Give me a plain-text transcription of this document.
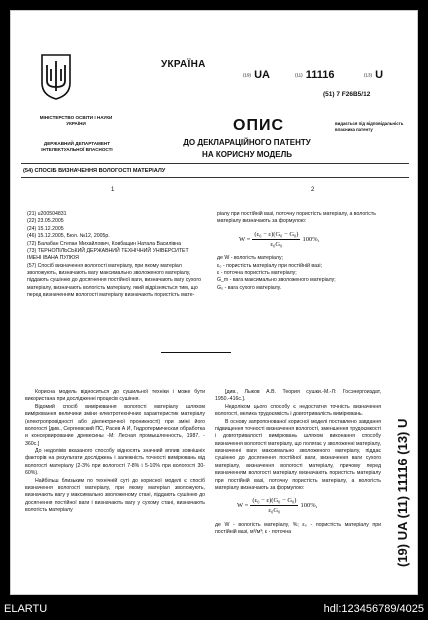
МІНІСТЕРСТВО ОСВІТИ І НАУКИ УКРАЇНИ
ДЕРЖАВНИЙ ДЕПАРТАМЕНТ ІНТЕЛЕКТУАЛЬНОЇ ВЛАСНОСТІ
УКРАЇНА
(19) UA	(11) 11116	(13) U
(51) 7 F26B5/12
ОПИС
ДО ДЕКЛАРАЦІЙНОГО ПАТЕНТУ
НА КОРИСНУ МОДЕЛЬ
видається під відповідальність власника патенту
(54) СПОСІБ ВИЗНАЧЕННЯ ВОЛОГОСТІ МАТЕРІАЛУ
1	2

(21) u200504831

(22) 23.05.2005

(24) 15.12.2005

(46) 15.12.2005, Бюл. №12, 2005р.

(72) Балабан Степан Михайлович, Ковбащин Натала Василівна

(73) ТЕРНОПІЛЬСЬКИЙ ДЕРЖАВНИЙ ТЕХНІЧНИЙ УНІВЕРСИТЕТ ІМЕНІ ІВАНА ПУЛЮЯ

(57) Спосіб визначення вологості матеріалу, при якому матеріал зволожують, визначають вагу максимально зволоженого матеріалу, піддають сушінню до досягнення постійної ваги, визначають вагу сухого матеріалу, визначають вологість матеріалу, який відрізняється тим, що перед визначенням вологості матеріалу визначають пористість мате-

ріалу при постійній вазі, поточну пористість матеріалу, а вологість матеріалу визначають за формулою:

$W = \frac{\text{(ε₀ − ε)(G₀ − G₀)}}{\text{ε₀G₀}} 100\%$,

де W - вологість матеріалу;

ε₀ - пористість матеріалу при постійній вазі;

ε - поточна пористість матеріалу;

G_m - вага максимально зволоженого матеріалу;

G₀ - вага сухого матеріалу.

Корисна модель відноситься до сушильної техніки і може бути використана при дослідженні процесів сушіння.

Відомий спосіб вимірювання вологості матеріалу шляхом вимірювання величини зміни електротехнічних характеристик матеріалу (електропровідності або діелектричної проникності) при зміні його вологості [див., Сергеевский ПС, Расев А И, Гидротермическая обработка и консервирование древесины -М: Лесная промышленность, 1987. - 360с.]

До недоліків вказаного способу відносять значний вплив зовнішніх факторів на результати досліджень і залежність точності вимірювань від вологості матеріалу (2-3% при вологості 7-8% і 5-10% при вологості 30-60%).

Найбільш близьким по технічній суті до корисної моделі є спосіб визначення вологості матеріалу, при якому матеріал зволожують, визначають вагу у максимально зволоженому стані, піддають сушінню до досягнення постійної ваги і визначають вагу у сухому стані, визначають вологість матеріалу

[див., Лыков А.В. Теория сушки.-М.-Л: Госэнергоиздат, 1950.-416с.].

Недоліком цього способу є недостатня точність визначення вологості, велика трудоємкість і довготривалість вимірювань.

В основу запропонованої корисної моделі поставлено завдання підвищення точності визначення вологості, зменшення трудоємкості і довготривалості вимірювань шляхом виконання способу визначення вологості матеріалу, що полягає у зволоженні матеріалу, визначенні ваги максимально зволоженого матеріалу, піддає сушінню до досягнення постійної ваги, визначення ваги сухого матеріалу, визначення вологості матеріалу, причому перед визначенням вологості матеріалу визначають пористість матеріалу при постійній вазі, поточну пористість матеріалу, а вологість матеріалу визначають за формулою:

$W = \frac{\text{(ε₀ − ε)(G₀ − G₀)}}{\text{ε₀G₀}} 100\%$,

де W - вологість матеріалу, %; ε₀ - пористість матеріалу при постійній вазі, м³/м³; ε - поточна	(19) UA (11) 11116 (13) U
ELARTU	hdl:123456789/4025
